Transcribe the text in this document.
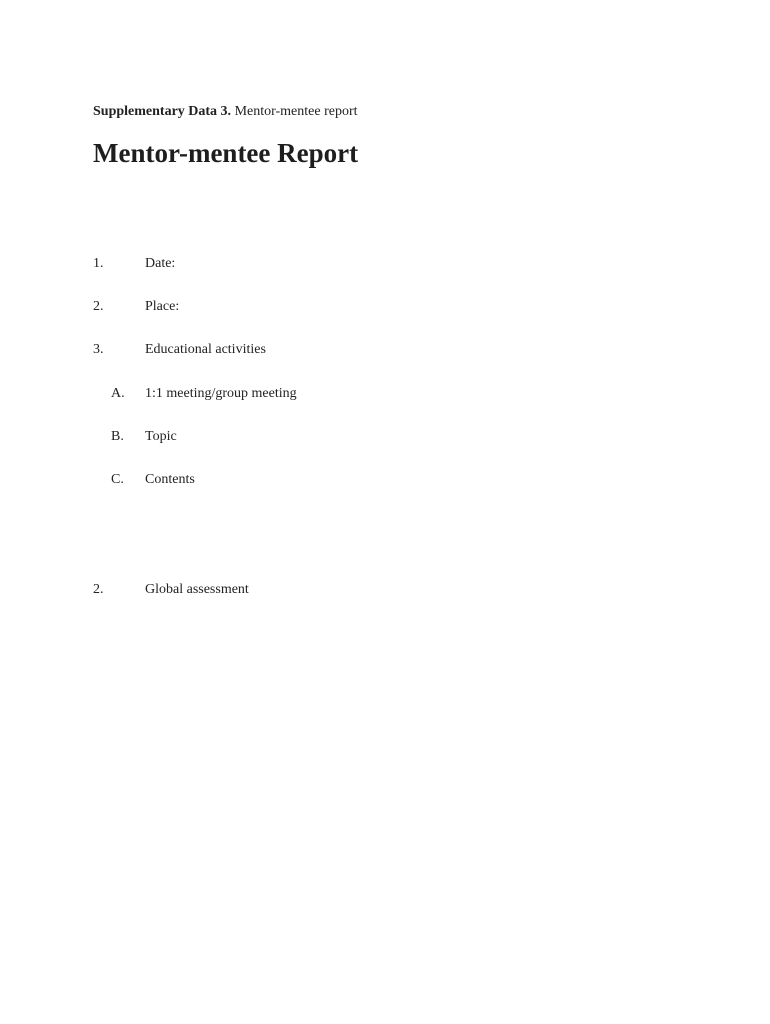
Supplementary Data 3. Mentor-mentee report
Mentor-mentee Report
1.	Date:
2.	Place:
3.	Educational activities
A. 1:1 meeting/group meeting
B. Topic
C. Contents
2.	Global assessment
